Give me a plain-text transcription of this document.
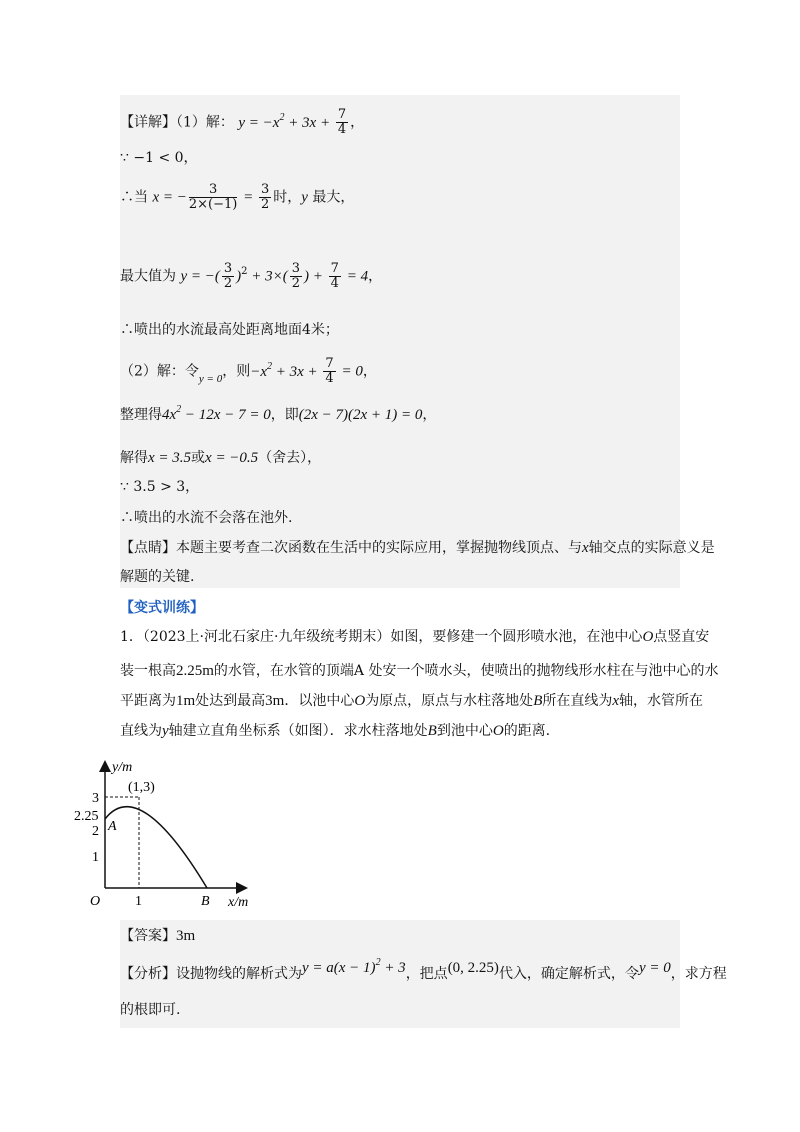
【详解】（1）解： $y = -x^2 + 3x + \frac{7}{4}$ ，
∵ −1 < 0，
∴当 x = − $\frac{3}{2\times(-1)} = \frac{3}{2}$ 时，y 最大，
最大值为 y = −( $\frac{3}{2} )^2 + 3\times( \frac{3}{2}$ ) + $\frac{7}{4} = 4$，
∴喷出的水流最高处距离地面4米；
（2）解：令$_{y = 0}$，则$-x^2 + 3x + \frac{7}{4} = 0$，
整理得$4x^2 - 12x - 7 = 0$，即(2x − 7)(2x + 1) = 0，
解得x = 3.5或x = −0.5（舍去），
∵ 3.5 > 3，
∴喷出的水流不会落在池外.
【点睛】本题主要考查二次函数在生活中的实际应用，掌握抛物线顶点、与x轴交点的实际意义是
解题的关键.
【变式训练】
1．（2023上·河北石家庄·九年级统考期末）如图，要修建一个圆形喷水池，在池中心O点竖直安
装一根高2.25m的水管，在水管的顶端A 处安一个喷水头，使喷出的抛物线形水柱在与池中心的水
平距离为1m处达到最高3m．以池中心O为原点，原点与水柱落地处B所在直线为x轴，水管所在
直线为y轴建立直角坐标系（如图）．求水柱落地处B到池中心O的距离.
y/m
x/m
(1,3)
3
2.25
2
1
1
O
A
B
【答案】3m
【分析】设抛物线的解析式为$y = a(x - 1)^2 + 3$，把点(0, 2.25)代入，确定解析式，令y = 0，求方程
的根即可.
